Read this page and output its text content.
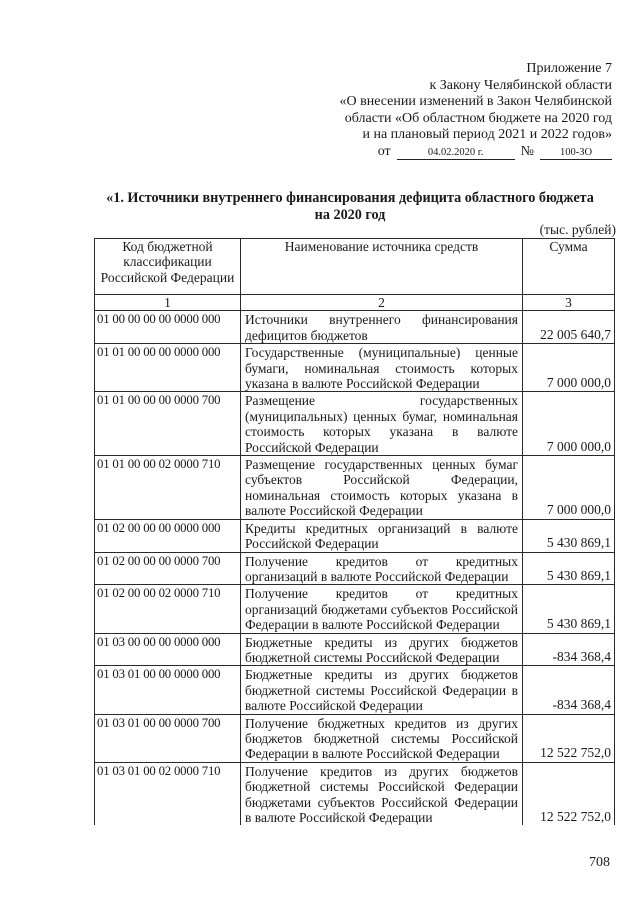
Приложение 7
к Закону Челябинской области
«О внесении изменений в Закон Челябинской
области «Об областном бюджете на 2020 год
и на плановый период 2021 и 2022 годов»
от	04.02.2020 г.	№	100-ЗО
«1. Источники внутреннего финансирования дефицита областного бюджета
на 2020 год
(тыс. рублей)
Код бюджетной классификации Российской Федерации	Наименование источника средств	Сумма
1	2	3
01 00 00 00 00 0000 000	Источники внутреннего финансирования дефицитов бюджетов	22 005 640,7
01 01 00 00 00 0000 000	Государственные (муниципальные) ценные бумаги, номинальная стоимость которых указана в валюте Российской Федерации	7 000 000,0
01 01 00 00 00 0000 700	Размещение государственных (муниципальных) ценных бумаг, номинальная стоимость которых указана в валюте Российской Федерации	7 000 000,0
01 01 00 00 02 0000 710	Размещение государственных ценных бумаг субъектов Российской Федерации, номинальная стоимость которых указана в валюте Российской Федерации	7 000 000,0
01 02 00 00 00 0000 000	Кредиты кредитных организаций в валюте Российской Федерации	5 430 869,1
01 02 00 00 00 0000 700	Получение кредитов от кредитных организаций в валюте Российской Федерации	5 430 869,1
01 02 00 00 02 0000 710	Получение кредитов от кредитных организаций бюджетами субъектов Российской Федерации в валюте Российской Федерации	5 430 869,1
01 03 00 00 00 0000 000	Бюджетные кредиты из других бюджетов бюджетной системы Российской Федерации	-834 368,4
01 03 01 00 00 0000 000	Бюджетные кредиты из других бюджетов бюджетной системы Российской Федерации в валюте Российской Федерации	-834 368,4
01 03 01 00 00 0000 700	Получение бюджетных кредитов из других бюджетов бюджетной системы Российской Федерации в валюте Российской Федерации	12 522 752,0
01 03 01 00 02 0000 710	Получение кредитов из других бюджетов бюджетной системы Российской Федерации бюджетами субъектов Российской Федерации в валюте Российской Федерации	12 522 752,0
708
